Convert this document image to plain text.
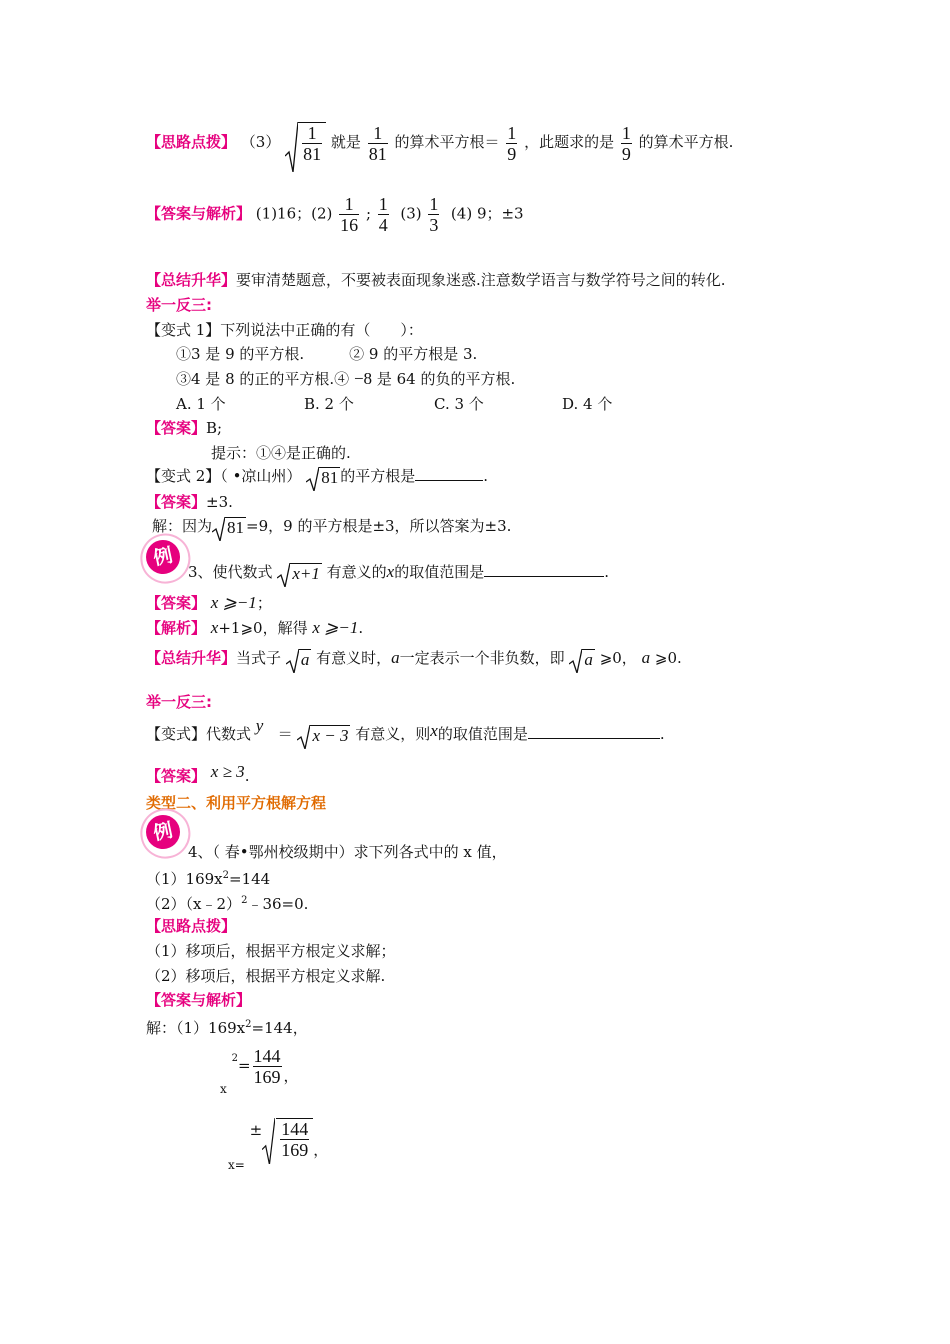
【思路点拨】 $(3) \frac{1}{81}$ 就是 $\frac{1}{81}$ 的算术平方根＝ $\frac{1}{9}$ ，此题求的是 $\frac{1}{9}$ 的算术平方根.
【答案与解析】 (1)16；$(2) \frac{1}{16}$ ; $\frac{1}{4} (3) \frac{1}{3} (4)$ 9；±3
【总结升华】要审清楚题意，不要被表面现象迷惑.注意数学语言与数学符号之间的转化.
举一反三:
【变式 1】下列说法中正确的有（　　）：
①3 是 9 的平方根.　　　② 9 的平方根是 3.
③4 是 8 的正的平方根.④ −8 是 64 的负的平方根.
A. 1 个	B. 2 个	C. 3 个	D. 4 个
【答案】B;
提示：①④是正确的.
【变式 2】（ •凉山州） 81 的平方根是	.
【答案】±3.
解：因为 81 =9，9 的平方根是±3，所以答案为±3.
例
3、使代数式 x+1 有意义的x的取值范围是	.
【答案】 x ⩾−1；
【解析】 x+1⩾0，解得 x ⩾−1.
【总结升华】当式子 a 有意义时，a一定表示一个非负数，即 a ⩾0， a ⩾0.
举一反三:
【变式】代数式 y ＝ x − 3 有意义，则x的取值范围是	.
【答案】 x ≥ 3.
类型二、利用平方根解方程
例
4、（ 春•鄂州校级期中）求下列各式中的 x 值，
$(1)169x^2=144$
（2）（x﹣2）$^2$﹣36=0.
【思路点拨】
（1）移项后，根据平方根定义求解；
（2）移项后，根据平方根定义求解.
【答案与解析】
解：$(1)169x^2=144$，
$_x$ $^2= \frac{144}{169}$ ，
$_{x=} \pm \frac{144}{169}$ ，
